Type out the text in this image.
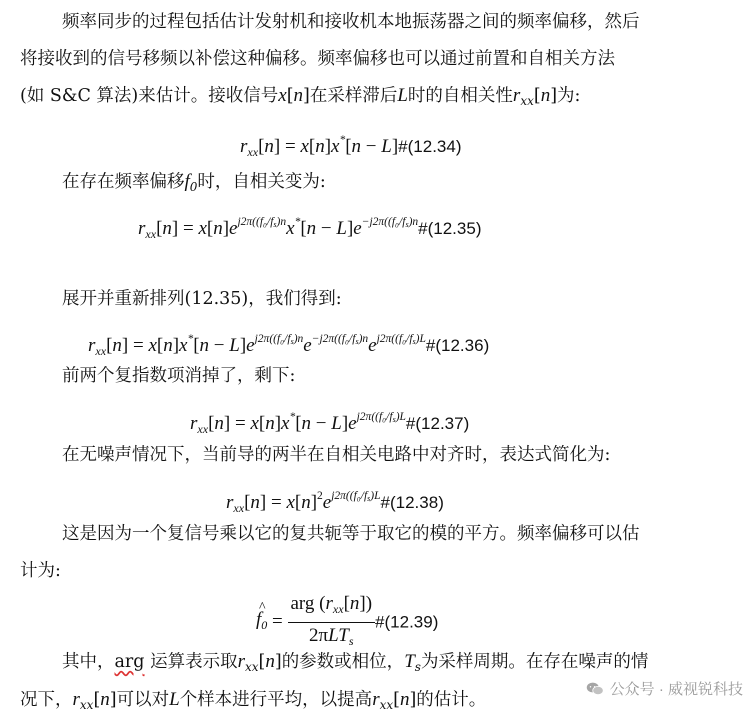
频率同步的过程包括估计发射机和接收机本地振荡器之间的频率偏移，然后
将接收到的信号移频以补偿这种偏移。频率偏移也可以通过前置和自相关方法
(如 S&C 算法)来估计。接收信号x[n]在采样滞后L时的自相关性$r_{xx}[n]$为:
$r_{xx}[n] = x[n]x^*[n$ − L]#(12.34)
在存在频率偏移$f_0$时，自相关变为:
$r_{xx}[n] = x[n]e^{j2\pi((f_0/f_s)n}x^*[n$ − $L]e^{-j2\pi((f_0/f_s)n}\#(12.35)$
展开并重新排列(12.35)，我们得到:
$r_{xx}[n] = x[n]x^*[n$ − $L]e^{j2\pi((f_0/f_s)n}e^{-j2\pi((f_0/f_s)n}e^{j2\pi((f_0/f_s)L}\#(12.36)$
前两个复指数项消掉了，剩下:
$r_{xx}[n] = x[n]x^*[n$ − $L]e^{j2\pi((f_0/f_s)L}\#(12.37)$
在无噪声情况下，当前导的两半在自相关电路中对齐时，表达式简化为:
$r_{xx}[n]$ = $x[n]^2e^{j2\pi((f_0/f_s)L}\#(12.38)$
这是因为一个复信号乘以它的复共轭等于取它的模的平方。频率偏移可以估
计为:
^
$f_0 = \frac{arg (r_{xx}[n])}{2\pi LT_s}$ #(12.39)
其中，arg 运算表示取$r_{xx}[n]$的参数或相位，$T_s$为采样周期。在存在噪声的情
况下，$r_{xx}[n]$可以对L个样本进行平均，以提高$r_{xx}[n]$的估计。
公众号 · 威视锐科技
